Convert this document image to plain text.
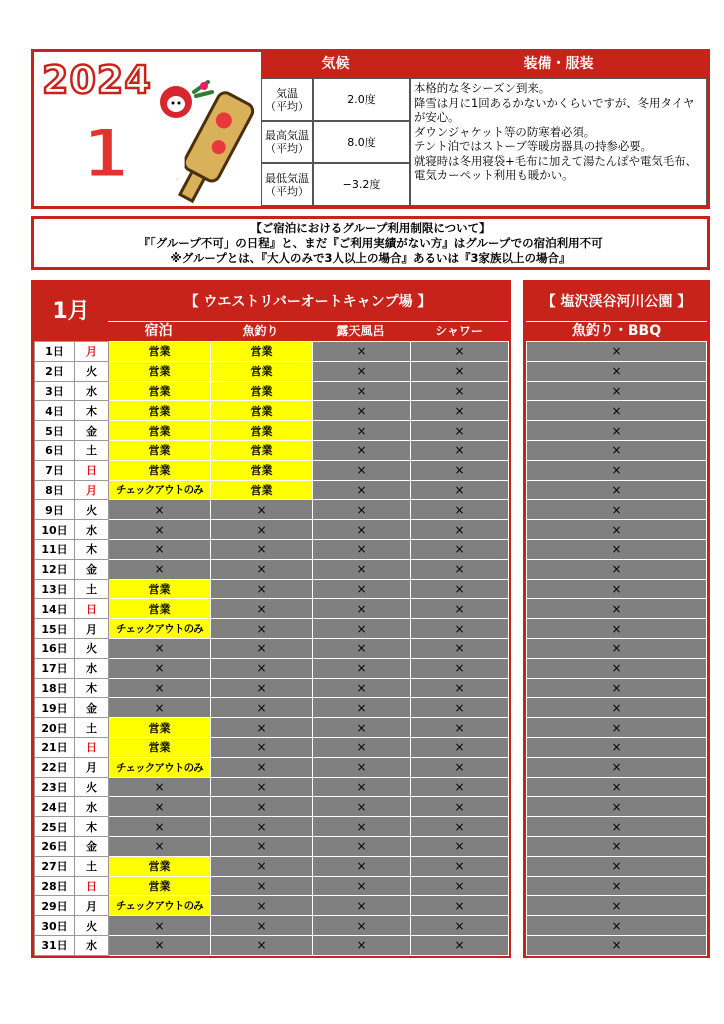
2024
1月
気候	装備・服装
気温
（平均）	2.0度
最高気温
（平均）	8.0度
最低気温
（平均）	−3.2度
本格的な冬シーズン到来。
降雪は月に1回あるかないかくらいですが、冬用タイヤが安心。
ダウンジャケット等の防寒着必須。
テント泊ではストーブ等暖房器具の持参必要。
就寝時は冬用寝袋+毛布に加えて湯たんぽや電気毛布、電気カーペット利用も暖かい。
【ご宿泊におけるグループ利用制限について】
『「グループ不可」の日程』と、まだ『ご利用実績がない方』はグループでの宿泊利用不可
※グループとは、『大人のみで3人以上の場合』あるいは『3家族以上の場合』
1月	【 ウエストリバーオートキャンプ場 】
宿泊	魚釣り	露天風呂	シャワー
1日	月	営業	営業	×	×
2日	火	営業	営業	×	×
3日	水	営業	営業	×	×
4日	木	営業	営業	×	×
5日	金	営業	営業	×	×
6日	土	営業	営業	×	×
7日	日	営業	営業	×	×
8日	月	チェックアウトのみ	営業	×	×
9日	火	×	×	×	×
10日	水	×	×	×	×
11日	木	×	×	×	×
12日	金	×	×	×	×
13日	土	営業	×	×	×
14日	日	営業	×	×	×
15日	月	チェックアウトのみ	×	×	×
16日	火	×	×	×	×
17日	水	×	×	×	×
18日	木	×	×	×	×
19日	金	×	×	×	×
20日	土	営業	×	×	×
21日	日	営業	×	×	×
22日	月	チェックアウトのみ	×	×	×
23日	火	×	×	×	×
24日	水	×	×	×	×
25日	木	×	×	×	×
26日	金	×	×	×	×
27日	土	営業	×	×	×
28日	日	営業	×	×	×
29日	月	チェックアウトのみ	×	×	×
30日	火	×	×	×	×
31日	水	×	×	×	×
【 塩沢渓谷河川公園 】
魚釣り・BBQ
×
×
×
×
×
×
×
×
×
×
×
×
×
×
×
×
×
×
×
×
×
×
×
×
×
×
×
×
×
×
×
